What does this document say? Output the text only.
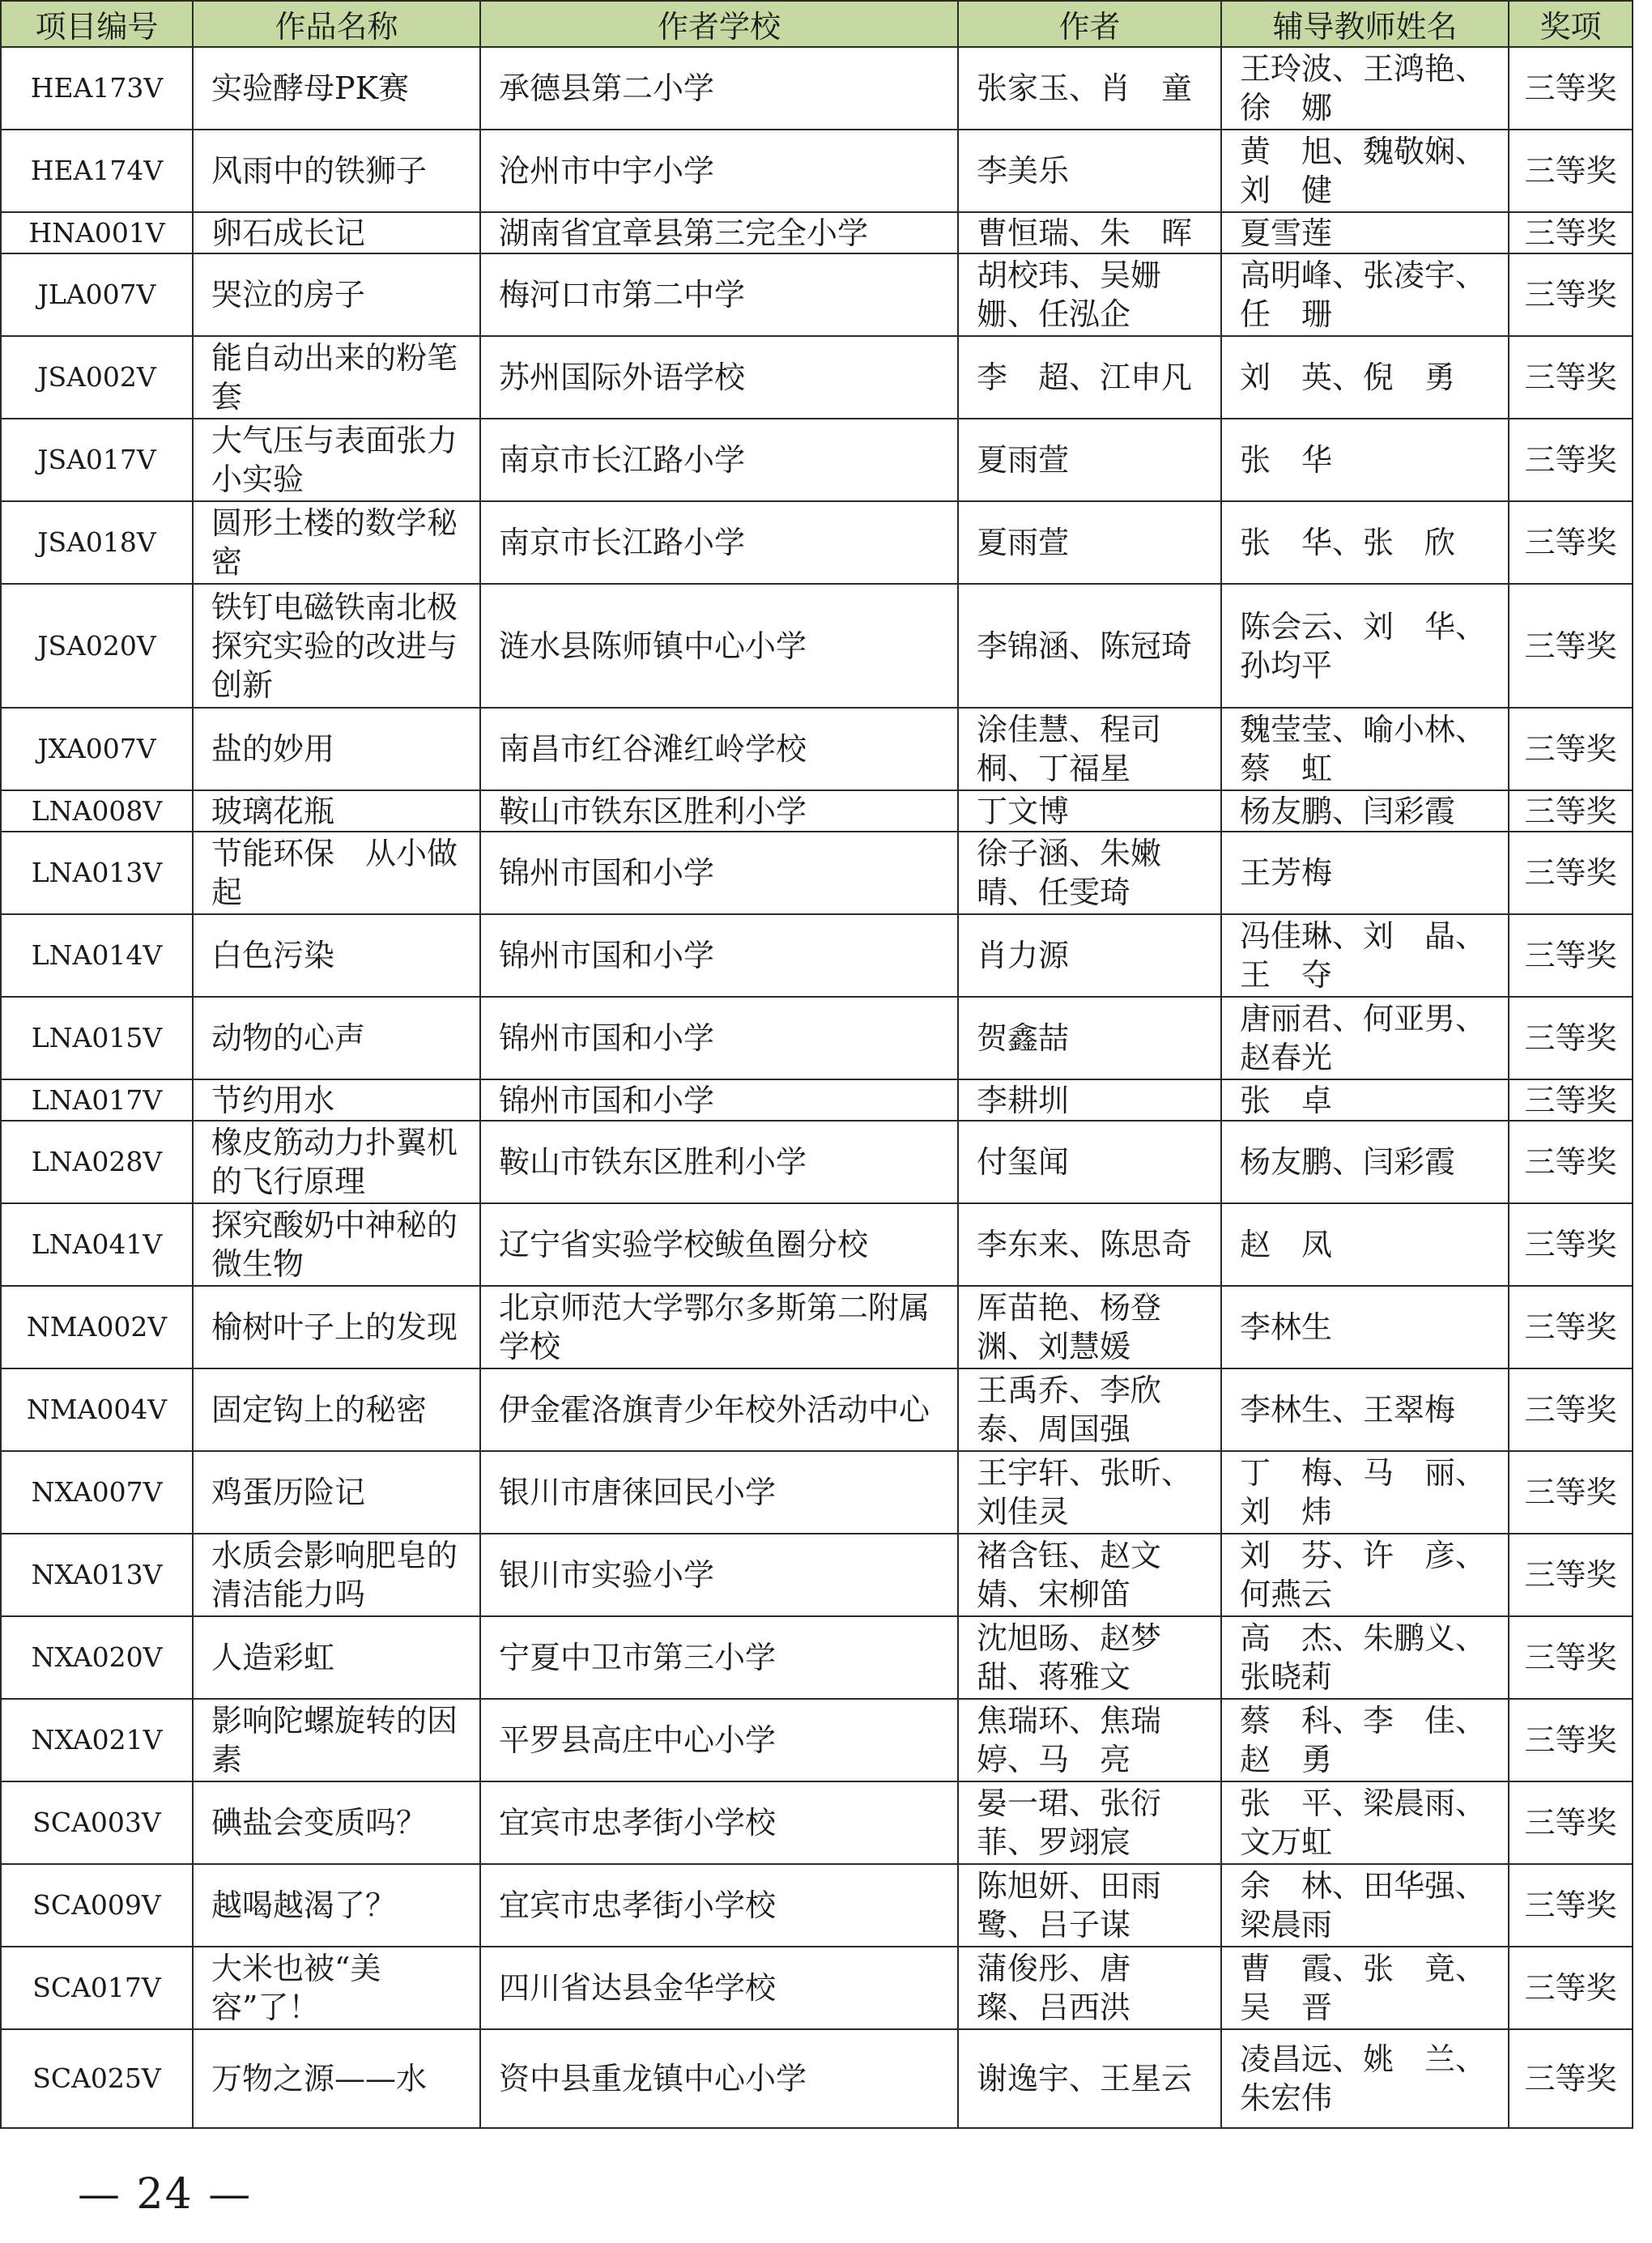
项目编号	作品名称	作者学校	作者	辅导教师姓名	奖项

HEA173V	实验酵母PK赛	承德县第二小学	张家玉、肖　童	王玲波、王鸿艳、徐　娜	三等奖

HEA174V	风雨中的铁狮子	沧州市中宇小学	李美乐	黄　旭、魏敬娴、刘　健	三等奖

HNA001V	卵石成长记	湖南省宜章县第三完全小学	曹恒瑞、朱　晖	夏雪莲	三等奖

JLA007V	哭泣的房子	梅河口市第二中学	胡校玮、吴姗姗、任泓企	高明峰、张凌宇、任　珊	三等奖

JSA002V	能自动出来的粉笔套	苏州国际外语学校	李　超、江申凡	刘　英、倪　勇	三等奖

JSA017V	大气压与表面张力小实验	南京市长江路小学	夏雨萱	张　华	三等奖

JSA018V	圆形土楼的数学秘密	南京市长江路小学	夏雨萱	张　华、张　欣	三等奖

JSA020V	铁钉电磁铁南北极探究实验的改进与创新	涟水县陈师镇中心小学	李锦涵、陈冠琦	陈会云、刘　华、孙均平	三等奖

JXA007V	盐的妙用	南昌市红谷滩红岭学校	涂佳慧、程司桐、丁福星	魏莹莹、喻小林、蔡　虹	三等奖

LNA008V	玻璃花瓶	鞍山市铁东区胜利小学	丁文博	杨友鹏、闫彩霞	三等奖

LNA013V	节能环保　从小做起	锦州市国和小学	徐子涵、朱嫩晴、任雯琦	王芳梅	三等奖

LNA014V	白色污染	锦州市国和小学	肖力源	冯佳琳、刘　晶、王　夺	三等奖

LNA015V	动物的心声	锦州市国和小学	贺鑫喆	唐丽君、何亚男、赵春光	三等奖

LNA017V	节约用水	锦州市国和小学	李耕圳	张　卓	三等奖

LNA028V	橡皮筋动力扑翼机的飞行原理	鞍山市铁东区胜利小学	付玺闻	杨友鹏、闫彩霞	三等奖

LNA041V	探究酸奶中神秘的微生物	辽宁省实验学校鲅鱼圈分校	李东来、陈思奇	赵　凤	三等奖

NMA002V	榆树叶子上的发现	北京师范大学鄂尔多斯第二附属学校	厍苗艳、杨登渊、刘慧媛	李林生	三等奖

NMA004V	固定钩上的秘密	伊金霍洛旗青少年校外活动中心	王禹乔、李欣泰、周国强	李林生、王翠梅	三等奖

NXA007V	鸡蛋历险记	银川市唐徕回民小学	王宇轩、张昕、刘佳灵	丁　梅、马　丽、刘　炜	三等奖

NXA013V	水质会影响肥皂的清洁能力吗	银川市实验小学	褚含钰、赵文婧、宋柳笛	刘　芬、许　彦、何燕云	三等奖

NXA020V	人造彩虹	宁夏中卫市第三小学	沈旭旸、赵梦甜、蒋雅文	高　杰、朱鹏义、张晓莉	三等奖

NXA021V	影响陀螺旋转的因素	平罗县高庄中心小学	焦瑞环、焦瑞婷、马　亮	蔡　科、李　佳、赵　勇	三等奖

SCA003V	碘盐会变质吗？	宜宾市忠孝街小学校	晏一珺、张衍菲、罗翊宸	张　平、梁晨雨、文万虹	三等奖

SCA009V	越喝越渴了？	宜宾市忠孝街小学校	陈旭妍、田雨鹭、吕子谋	余　林、田华强、梁晨雨	三等奖

SCA017V	大米也被“美容”了！	四川省达县金华学校	蒲俊彤、唐　璨、吕西洪	曹　霞、张　竟、吴　晋	三等奖

SCA025V	万物之源——水	资中县重龙镇中心小学	谢逸宇、王星云	凌昌远、姚　兰、朱宏伟	三等奖
— 24 —
